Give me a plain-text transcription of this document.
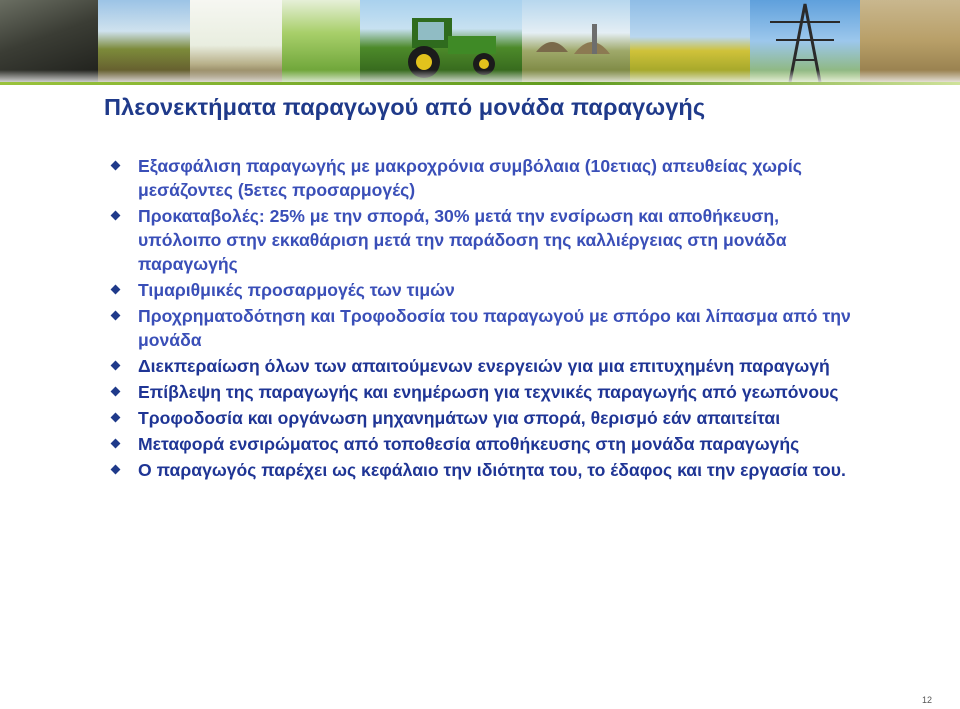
Πλεονεκτήματα παραγωγού από μονάδα παραγωγής
Εξασφάλιση παραγωγής με μακροχρόνια συμβόλαια (10ετιας) απευθείας χωρίς μεσάζοντες (5ετες προσαρμογές)
Προκαταβολές: 25% με την σπορά, 30% μετά την ενσίρωση και αποθήκευση, υπόλοιπο στην εκκαθάριση μετά την παράδοση της καλλιέργειας στη μονάδα παραγωγής
Τιμαριθμικές προσαρμογές των τιμών
Προχρηματοδότηση και Τροφοδοσία του παραγωγού με σπόρο και λίπασμα από την μονάδα
Διεκπεραίωση όλων των απαιτούμενων ενεργειών για μια επιτυχημένη παραγωγή
Επίβλεψη της παραγωγής και ενημέρωση για τεχνικές παραγωγής από γεωπόνους
Τροφοδοσία και οργάνωση μηχανημάτων για σπορά, θερισμό εάν απαιτείται
Μεταφορά ενσιρώματος από τοποθεσία αποθήκευσης στη μονάδα παραγωγής
Ο παραγωγός παρέχει ως κεφάλαιο την ιδιότητα του, το έδαφος και την εργασία του.
12
